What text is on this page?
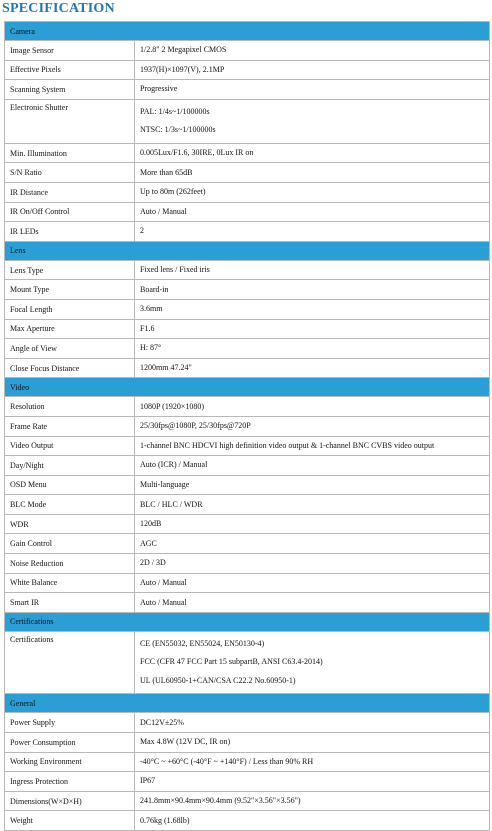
SPECIFICATION
Camera	
Image Sensor	1/2.8" 2 Megapixel CMOS

Effective Pixels	1937(H)×1097(V), 2.1MP

Scanning System	Progressive

Electronic Shutter	PAL: 1/4s~1/100000s
NTSC: 1/3s~1/100000s

Min. Illumination	0.005Lux/F1.6, 30IRE, 0Lux IR on

S/N Ratio	More than 65dB

IR Distance	Up to 80m (262feet)

IR On/Off Control	Auto / Manual

IR LEDs	2

Lens	
Lens Type	Fixed lens / Fixed iris

Mount Type	Board-in

Focal Length	3.6mm

Max Aperture	F1.6

Angle of View	H: 87°

Close Focus Distance	1200mm 47.24"

Video	
Resolution	1080P (1920×1080)

Frame Rate	25/30fps@1080P, 25/30fps@720P

Video Output	1-channel BNC HDCVI high definition video output & 1-channel BNC CVBS video output

Day/Night	Auto (ICR) / Manual

OSD Menu	Multi-language

BLC Mode	BLC / HLC / WDR

WDR	120dB

Gain Control	AGC

Noise Reduction	2D / 3D

White Balance	Auto / Manual

Smart IR	Auto / Manual

Certifications	
Certifications	CE (EN55032, EN55024, EN50130-4)
FCC (CFR 47 FCC Part 15 subpartB, ANSI C63.4-2014)
UL (UL60950-1+CAN/CSA C22.2 No.60950-1)

General	
Power Supply	DC12V±25%

Power Consumption	Max 4.8W (12V DC, IR on)

Working Environment	-40°C ~ +60°C (-40°F ~ +140°F) / Less than 90% RH

Ingress Protection	IP67

Dimensions(W×D×H)	241.8mm×90.4mm×90.4mm (9.52"×3.56"×3.56")

Weight	0.76kg (1.68lb)
